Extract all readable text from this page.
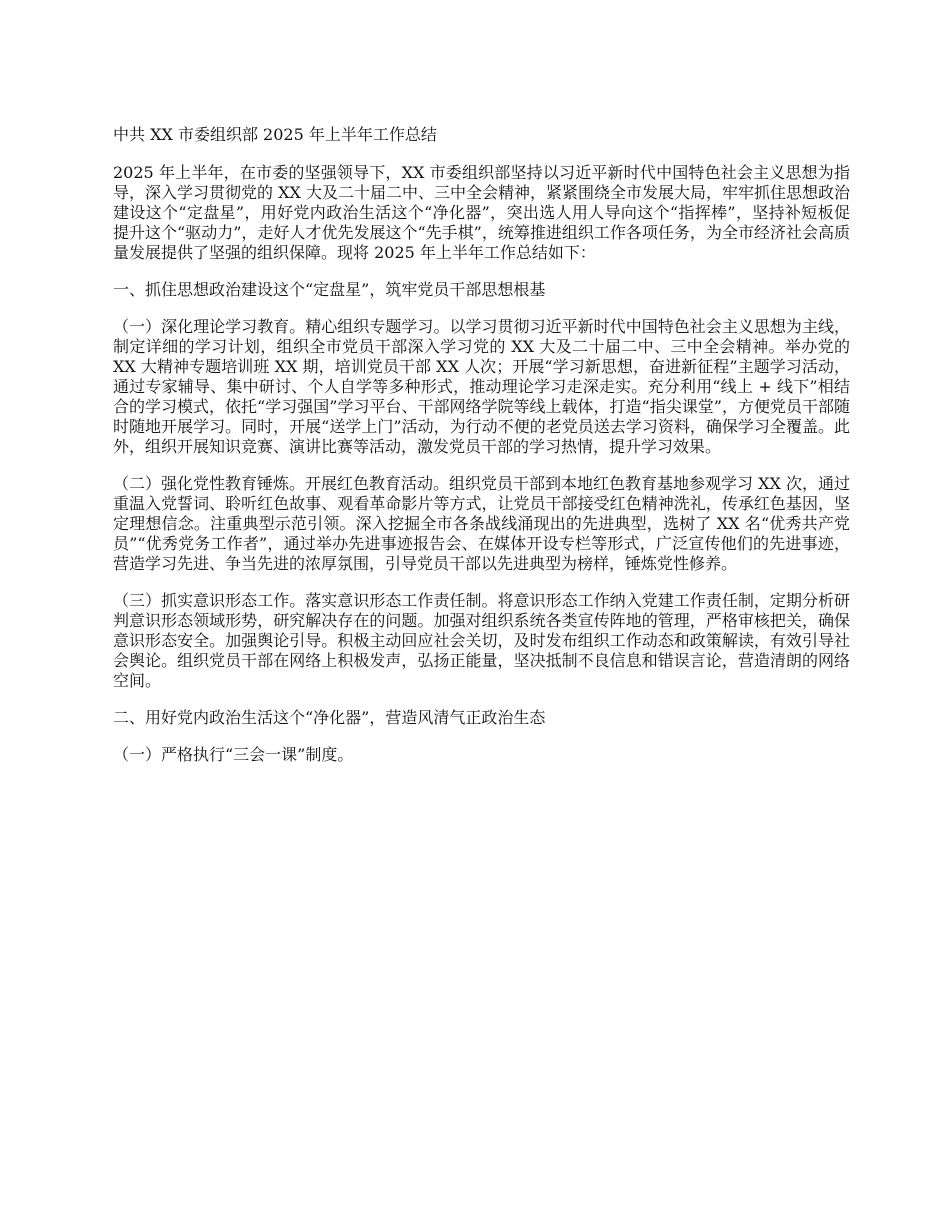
中共 XX 市委组织部 2025 年上半年工作总结

2025 年上半年，在市委的坚强领导下，XX 市委组织部坚持以习近平新时代中国特色社会主义思想为指导，深入学习贯彻党的 XX 大及二十届二中、三中全会精神，紧紧围绕全市发展大局，牢牢抓住思想政治建设这个“定盘星”，用好党内政治生活这个“净化器”，突出选人用人导向这个“指挥棒”，坚持补短板促提升这个“驱动力”，走好人才优先发展这个“先手棋”，统筹推进组织工作各项任务，为全市经济社会高质量发展提供了坚强的组织保障。现将 2025 年上半年工作总结如下：

一、抓住思想政治建设这个“定盘星”，筑牢党员干部思想根基

（一）深化理论学习教育。精心组织专题学习。以学习贯彻习近平新时代中国特色社会主义思想为主线，制定详细的学习计划，组织全市党员干部深入学习党的 XX 大及二十届二中、三中全会精神。举办党的 XX 大精神专题培训班 XX 期，培训党员干部 XX 人次；开展“学习新思想，奋进新征程”主题学习活动，通过专家辅导、集中研讨、个人自学等多种形式，推动理论学习走深走实。充分利用“线上 + 线下”相结合的学习模式，依托“学习强国”学习平台、干部网络学院等线上载体，打造“指尖课堂”，方便党员干部随时随地开展学习。同时，开展“送学上门”活动，为行动不便的老党员送去学习资料，确保学习全覆盖。此外，组织开展知识竞赛、演讲比赛等活动，激发党员干部的学习热情，提升学习效果。

（二）强化党性教育锤炼。开展红色教育活动。组织党员干部到本地红色教育基地参观学习 XX 次，通过重温入党誓词、聆听红色故事、观看革命影片等方式，让党员干部接受红色精神洗礼，传承红色基因，坚定理想信念。注重典型示范引领。深入挖掘全市各条战线涌现出的先进典型，选树了 XX 名“优秀共产党员”“优秀党务工作者”，通过举办先进事迹报告会、在媒体开设专栏等形式，广泛宣传他们的先进事迹，营造学习先进、争当先进的浓厚氛围，引导党员干部以先进典型为榜样，锤炼党性修养。

（三）抓实意识形态工作。落实意识形态工作责任制。将意识形态工作纳入党建工作责任制，定期分析研判意识形态领域形势，研究解决存在的问题。加强对组织系统各类宣传阵地的管理，严格审核把关，确保意识形态安全。加强舆论引导。积极主动回应社会关切，及时发布组织工作动态和政策解读，有效引导社会舆论。组织党员干部在网络上积极发声，弘扬正能量，坚决抵制不良信息和错误言论，营造清朗的网络空间。

二、用好党内政治生活这个“净化器”，营造风清气正政治生态

（一）严格执行“三会一课”制度。
